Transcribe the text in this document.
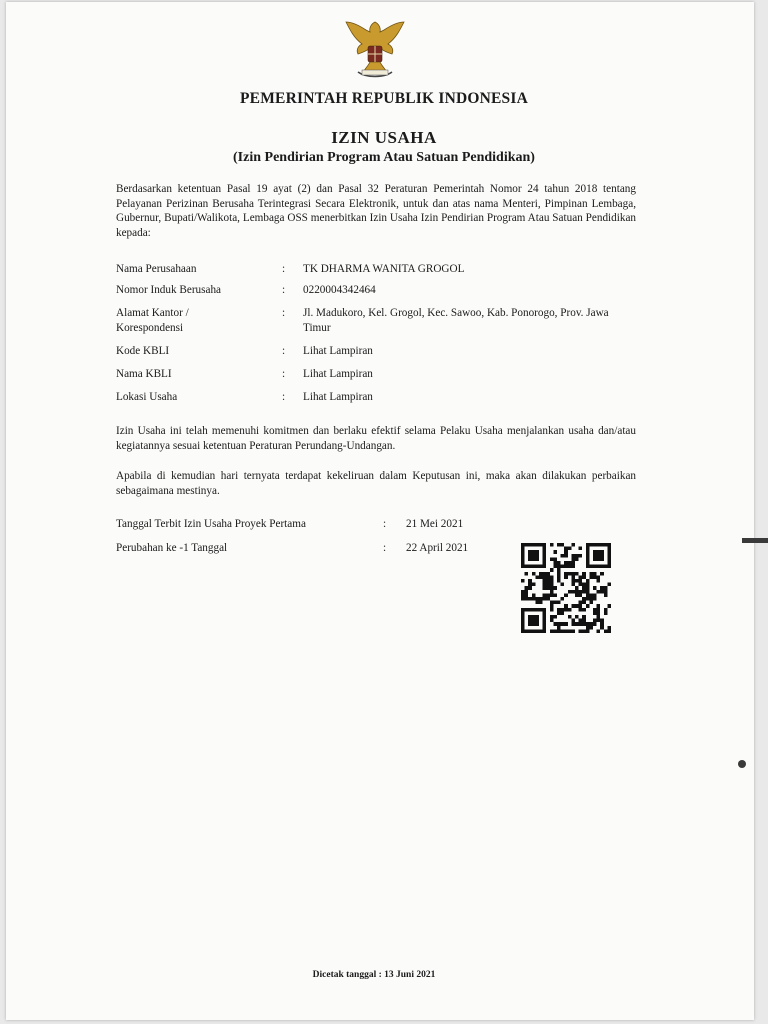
PEMERINTAH REPUBLIK INDONESIA
IZIN USAHA
(Izin Pendirian Program Atau Satuan Pendidikan)
Berdasarkan ketentuan Pasal 19 ayat (2) dan Pasal 32 Peraturan Pemerintah Nomor 24 tahun 2018 tentang Pelayanan Perizinan Berusaha Terintegrasi Secara Elektronik, untuk dan atas nama Menteri, Pimpinan Lembaga, Gubernur, Bupati/Walikota, Lembaga OSS menerbitkan Izin Usaha Izin Pendirian Program Atau Satuan Pendidikan kepada:
Nama Perusahaan	: TK DHARMA WANITA GROGOL
Nomor Induk Berusaha	: 0220004342464
Alamat Kantor / Korespondensi
: Jl. Madukoro, Kel. Grogol, Kec. Sawoo, Kab. Ponorogo, Prov. Jawa Timur
Kode KBLI	: Lihat Lampiran
Nama KBLI	: Lihat Lampiran
Lokasi Usaha	: Lihat Lampiran
Izin Usaha ini telah memenuhi komitmen dan berlaku efektif selama Pelaku Usaha menjalankan usaha dan/atau kegiatannya sesuai ketentuan Peraturan Perundang-Undangan.
Apabila di kemudian hari ternyata terdapat kekeliruan dalam Keputusan ini, maka akan dilakukan perbaikan sebagaimana mestinya.
Tanggal Terbit Izin Usaha Proyek Pertama	: 21 Mei 2021
Perubahan ke -1 Tanggal	: 22 April 2021
Dicetak tanggal : 13 Juni 2021
